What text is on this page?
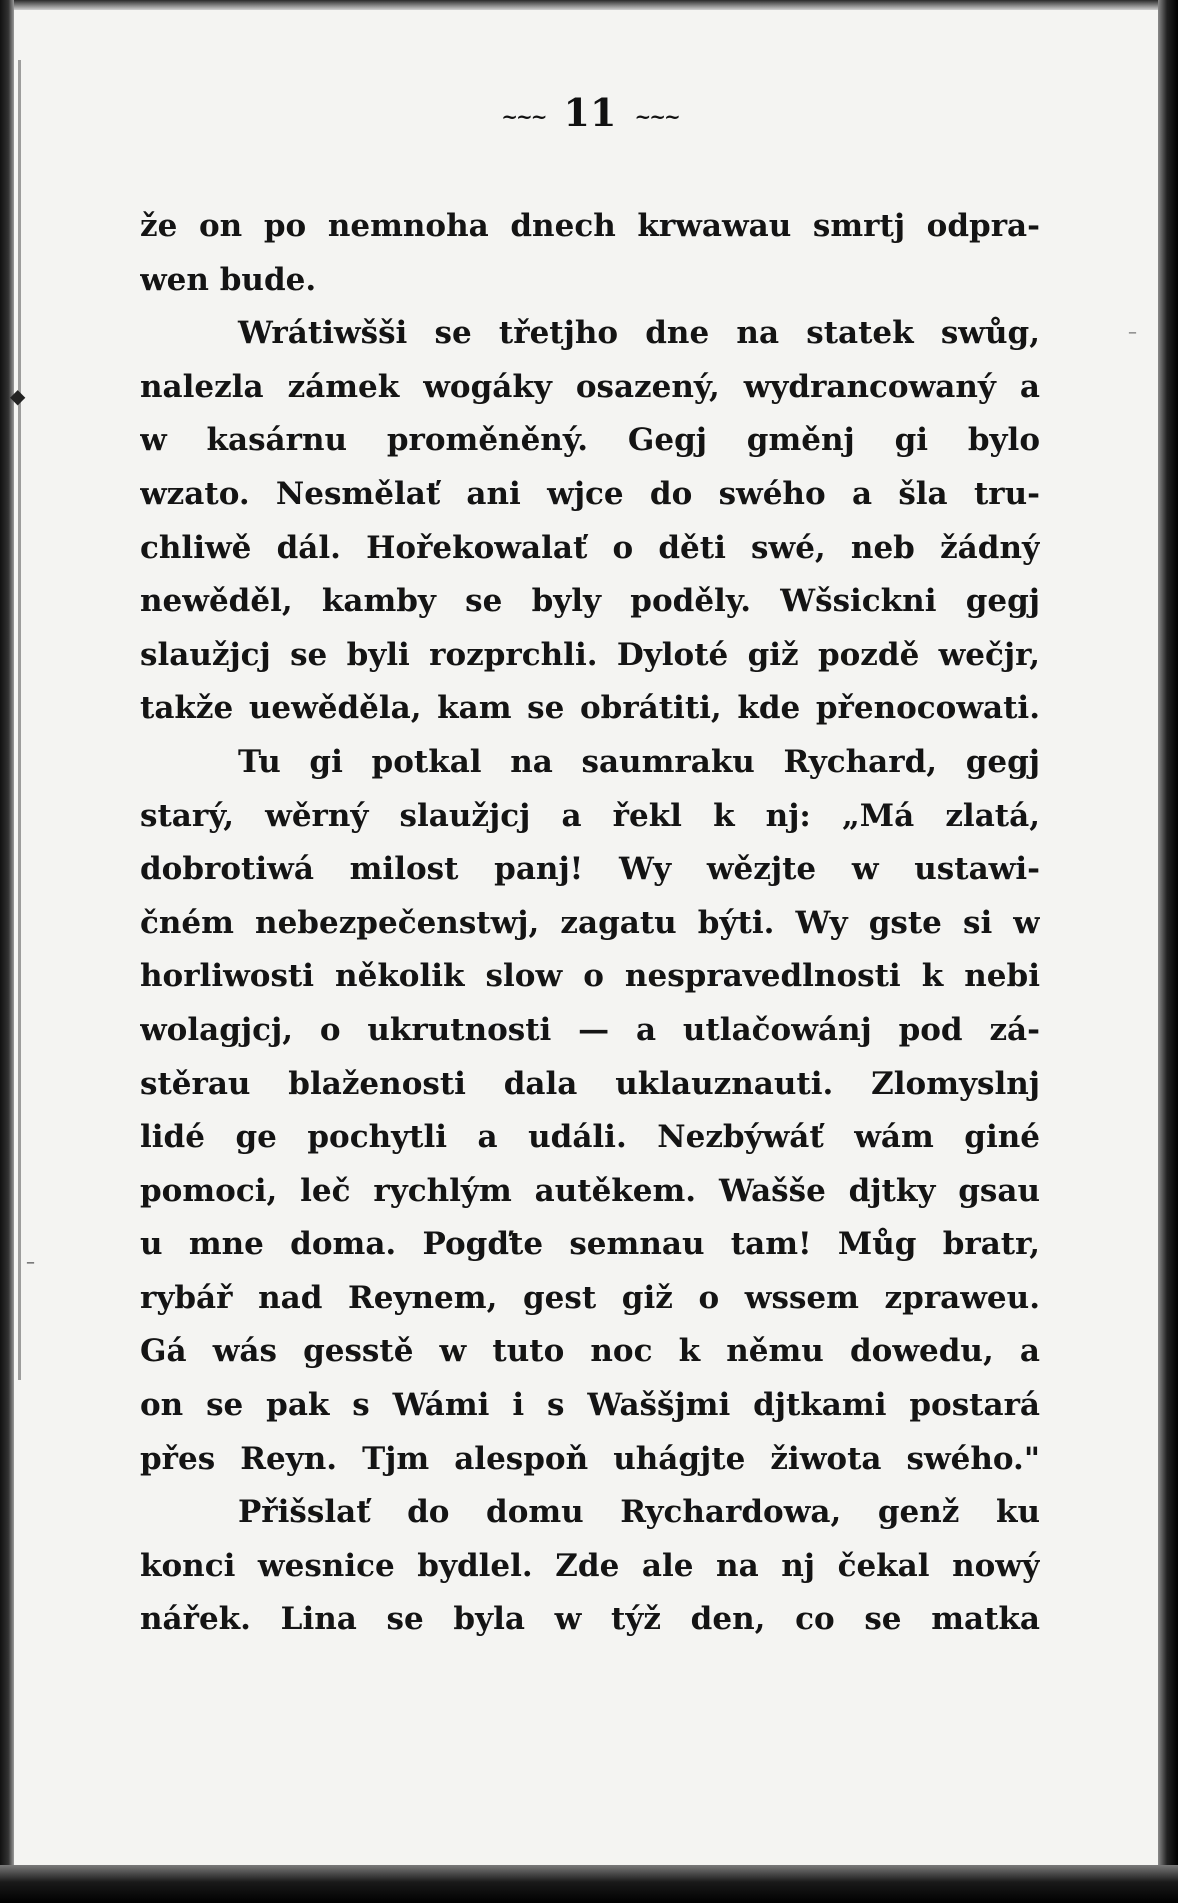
◆
–
–
~~~ 11 ~~~
že on po nemnoha dnech krwawau smrtj odpra-
wen bude.
Wrátiwšši se třetjho dne na statek swůg,
nalezla zámek wogáky osazený, wydrancowaný a
w kasárnu proměněný. Gegj gměnj gi bylo
wzato. Nesmělať ani wjce do swého a šla tru-
chliwě dál. Hořekowalať o děti swé, neb žádný
newěděl, kamby se byly poděly. Wšsickni gegj
slaužjcj se byli rozprchli. Dyloté giž pozdě wečjr,
takže uewěděla, kam se obrátiti, kde přenocowati.
Tu gi potkal na saumraku Rychard, gegj
starý, wěrný slaužjcj a řekl k nj: „Má zlatá,
dobrotiwá milost panj! Wy wězjte w ustawi-
čném nebezpečenstwj, zagatu býti. Wy gste si w
horliwosti několik slow o nespravedlnosti k nebi
wolagjcj, o ukrutnosti — a utlačowánj pod zá-
stěrau blaženosti dala uklauznauti. Zlomyslnj
lidé ge pochytli a událi. Nezbýwáť wám giné
pomoci, leč rychlým autěkem. Wašše djtky gsau
u mne doma. Pogďte semnau tam! Můg bratr,
rybář nad Reynem, gest giž o wssem zpraweu.
Gá wás gesstě w tuto noc k němu dowedu, a
on se pak s Wámi i s Waššjmi djtkami postará
přes Reyn. Tjm alespoň uhágjte žiwota swého."
Přišslať do domu Rychardowa, genž ku
konci wesnice bydlel. Zde ale na nj čekal nowý
nářek. Lina se byla w týž den, co se matka
